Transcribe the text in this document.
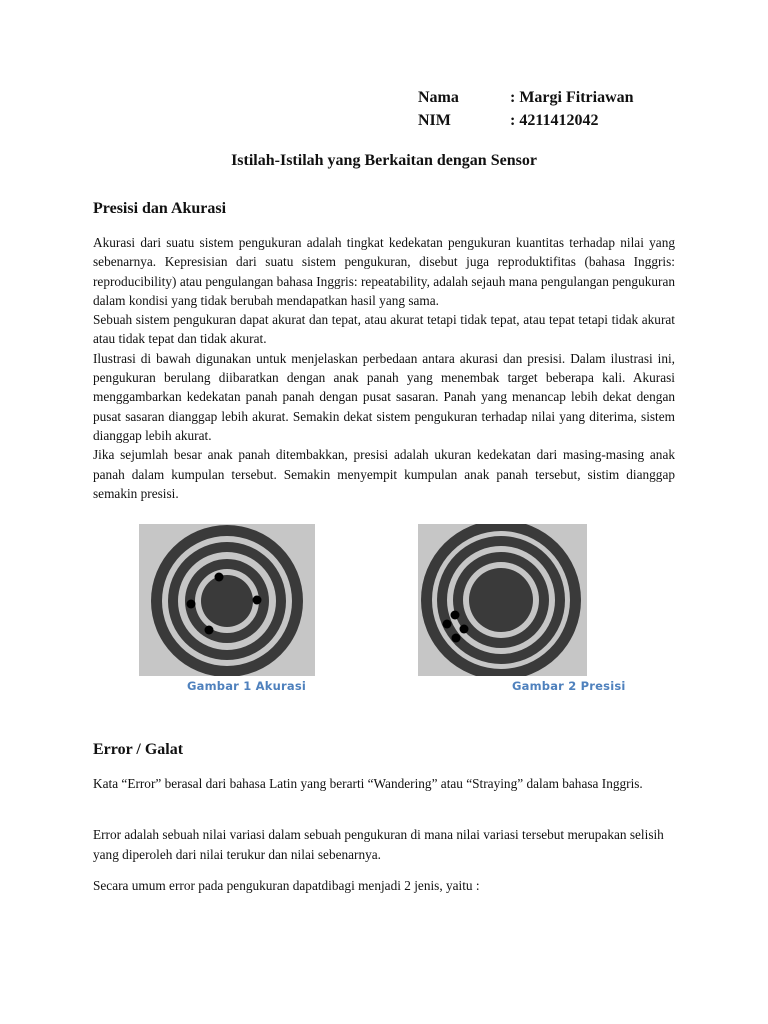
Nama	: Margi Fitriawan
NIM	: 4211412042
Istilah-Istilah yang Berkaitan dengan Sensor
Presisi dan Akurasi

Akurasi dari suatu sistem pengukuran adalah tingkat kedekatan pengukuran kuantitas terhadap nilai yang sebenarnya. Kepresisian dari suatu sistem pengukuran, disebut juga reproduktifitas (bahasa Inggris: reproducibility) atau pengulangan bahasa Inggris: repeatability, adalah sejauh mana pengulangan pengukuran dalam kondisi yang tidak berubah mendapatkan hasil yang sama.

Sebuah sistem pengukuran dapat akurat dan tepat, atau akurat tetapi tidak tepat, atau tepat tetapi tidak akurat atau tidak tepat dan tidak akurat.

Ilustrasi di bawah digunakan untuk menjelaskan perbedaan antara akurasi dan presisi. Dalam ilustrasi ini, pengukuran berulang diibaratkan dengan anak panah yang menembak target beberapa kali. Akurasi menggambarkan kedekatan panah panah dengan pusat sasaran. Panah yang menancap lebih dekat dengan pusat sasaran dianggap lebih akurat. Semakin dekat sistem pengukuran terhadap nilai yang diterima, sistem dianggap lebih akurat.

Jika sejumlah besar anak panah ditembakkan, presisi adalah ukuran kedekatan dari masing-masing anak panah dalam kumpulan tersebut. Semakin menyempit kumpulan anak panah tersebut, sistim dianggap semakin presisi.

Gambar 1 Akurasi	Gambar 2 Presisi
Error / Galat

Kata “Error” berasal dari bahasa Latin yang berarti “Wandering” atau “Straying” dalam bahasa Inggris.

Error adalah sebuah nilai variasi dalam sebuah pengukuran di mana nilai variasi tersebut merupakan selisih yang diperoleh dari nilai terukur dan nilai sebenarnya.

Secara umum error pada pengukuran dapatdibagi menjadi 2 jenis, yaitu :
